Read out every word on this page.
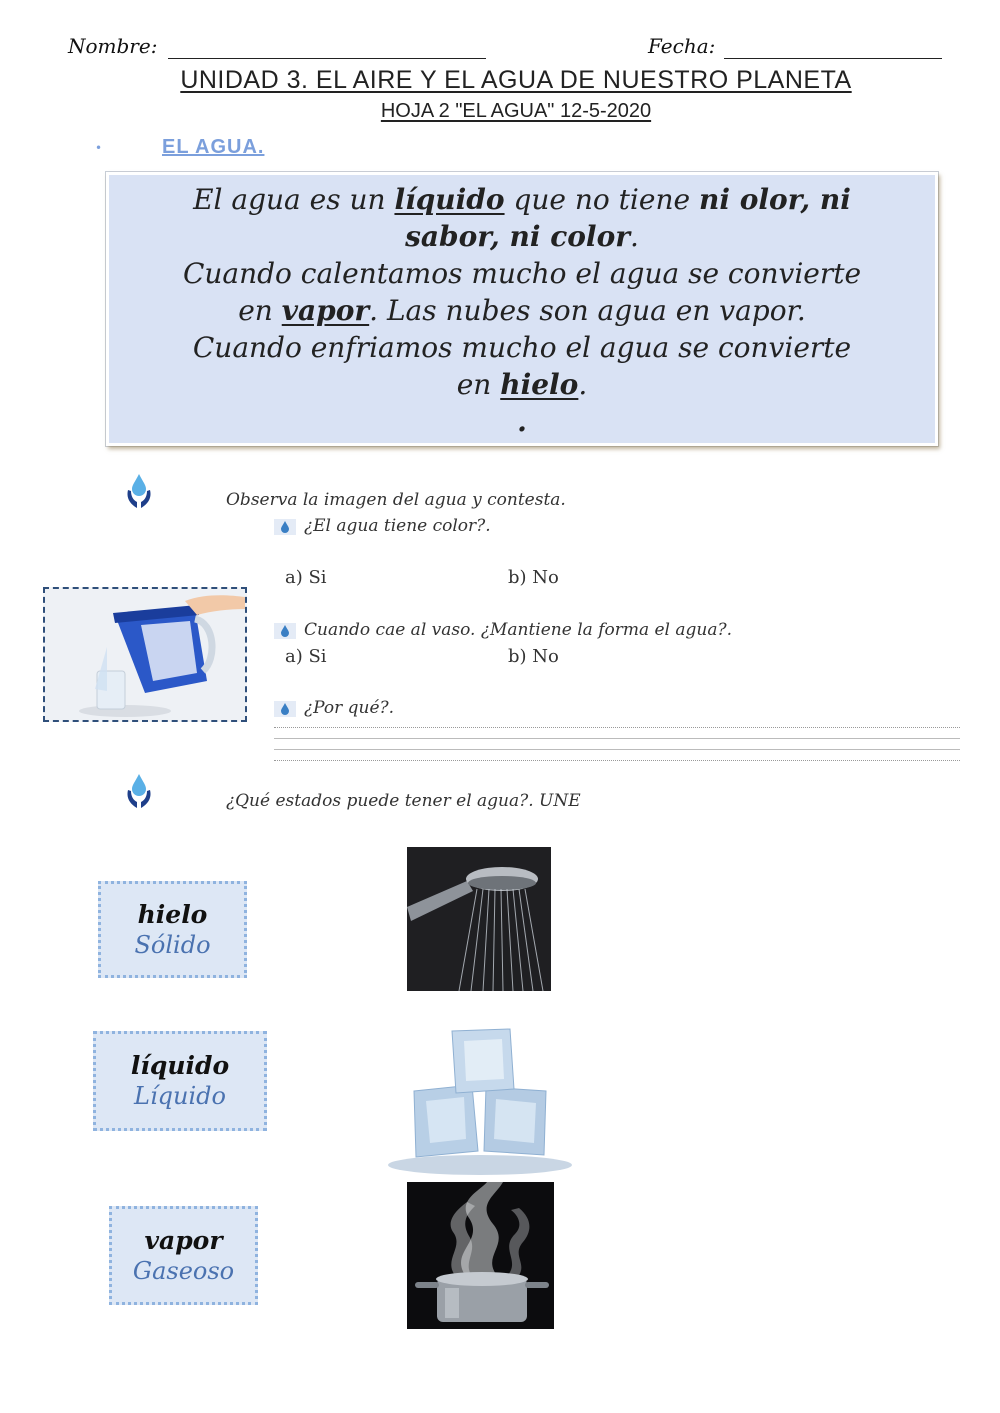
Nombre:	Fecha:
UNIDAD 3. EL AIRE Y EL AGUA DE NUESTRO PLANETA
HOJA 2 "EL AGUA" 12-5-2020
•	EL AGUA.

El agua es un líquido que no tiene ni olor, ni

sabor, ni color.

Cuando calentamos mucho el agua se convierte

en vapor. Las nubes son agua en vapor.

Cuando enfriamos mucho el agua se convierte

en hielo.

.

Observa la imagen del agua y contesta.
¿El agua tiene color?.
a) Si	b) No
Cuando cae al vaso. ¿Mantiene la forma el agua?.
a) Si	b) No
¿Por qué?.
¿Qué estados puede tener el agua?. UNE
hielo
Sólido
líquido
Líquido
vapor
Gaseoso
